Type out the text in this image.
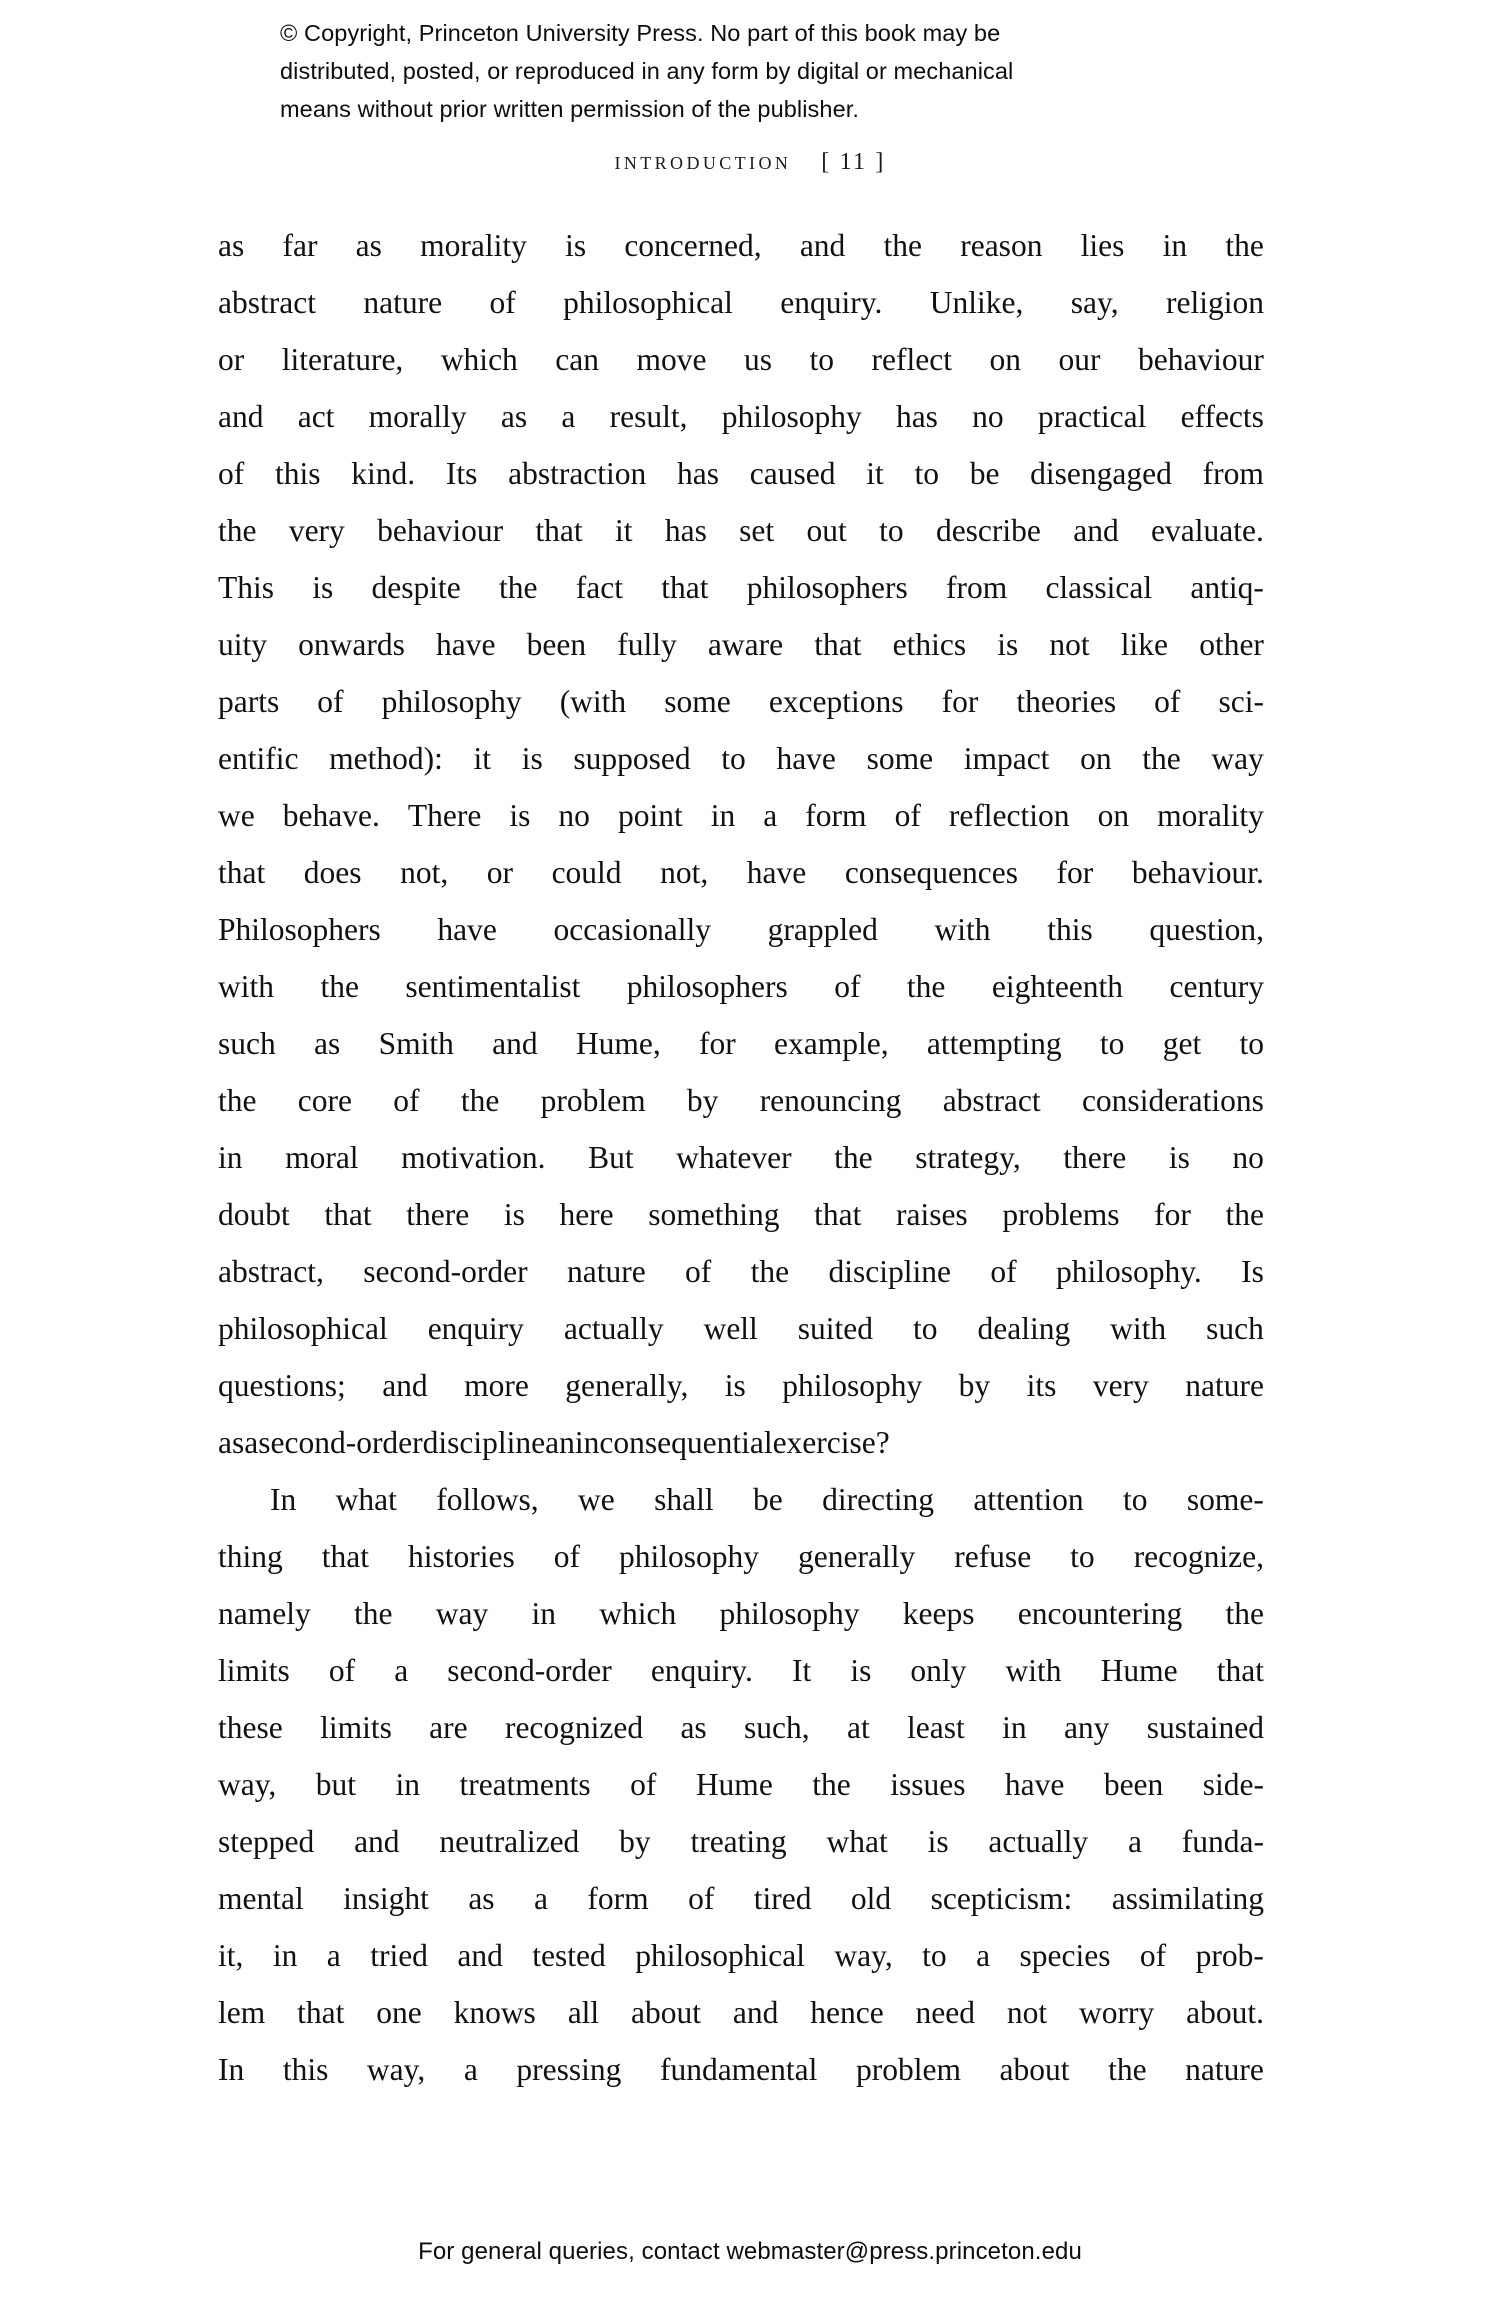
© Copyright, Princeton University Press. No part of this book may be
distributed, posted, or reproduced in any form by digital or mechanical
means without prior written permission of the publisher.
introduction [ 11 ]
as far as morality is concerned, and the reason lies in the
abstract nature of philosophical enquiry. Unlike, say, religion
or literature, which can move us to reflect on our behaviour
and act morally as a result, philosophy has no practical effects
of this kind. Its abstraction has caused it to be disengaged from
the very behaviour that it has set out to describe and evaluate.
This is despite the fact that philosophers from classical antiq-
uity onwards have been fully aware that ethics is not like other
parts of philosophy (with some exceptions for theories of sci-
entific method): it is supposed to have some impact on the way
we behave. There is no point in a form of reflection on morality
that does not, or could not, have consequences for behaviour.
Philosophers have occasionally grappled with this question,
with the sentimentalist philosophers of the eighteenth century
such as Smith and Hume, for example, attempting to get to
the core of the problem by renouncing abstract considerations
in moral motivation. But whatever the strategy, there is no
doubt that there is here something that raises problems for the
abstract, second-order nature of the discipline of philosophy. Is
philosophical enquiry actually well suited to dealing with such
questions; and more generally, is philosophy by its very nature
as a second-order discipline an inconsequential exercise?
In what follows, we shall be directing attention to some-
thing that histories of philosophy generally refuse to recognize,
namely the way in which philosophy keeps encountering the
limits of a second-order enquiry. It is only with Hume that
these limits are recognized as such, at least in any sustained
way, but in treatments of Hume the issues have been side-
stepped and neutralized by treating what is actually a funda-
mental insight as a form of tired old scepticism: assimilating
it, in a tried and tested philosophical way, to a species of prob-
lem that one knows all about and hence need not worry about.
In this way, a pressing fundamental problem about the nature
For general queries, contact webmaster@press.princeton.edu
